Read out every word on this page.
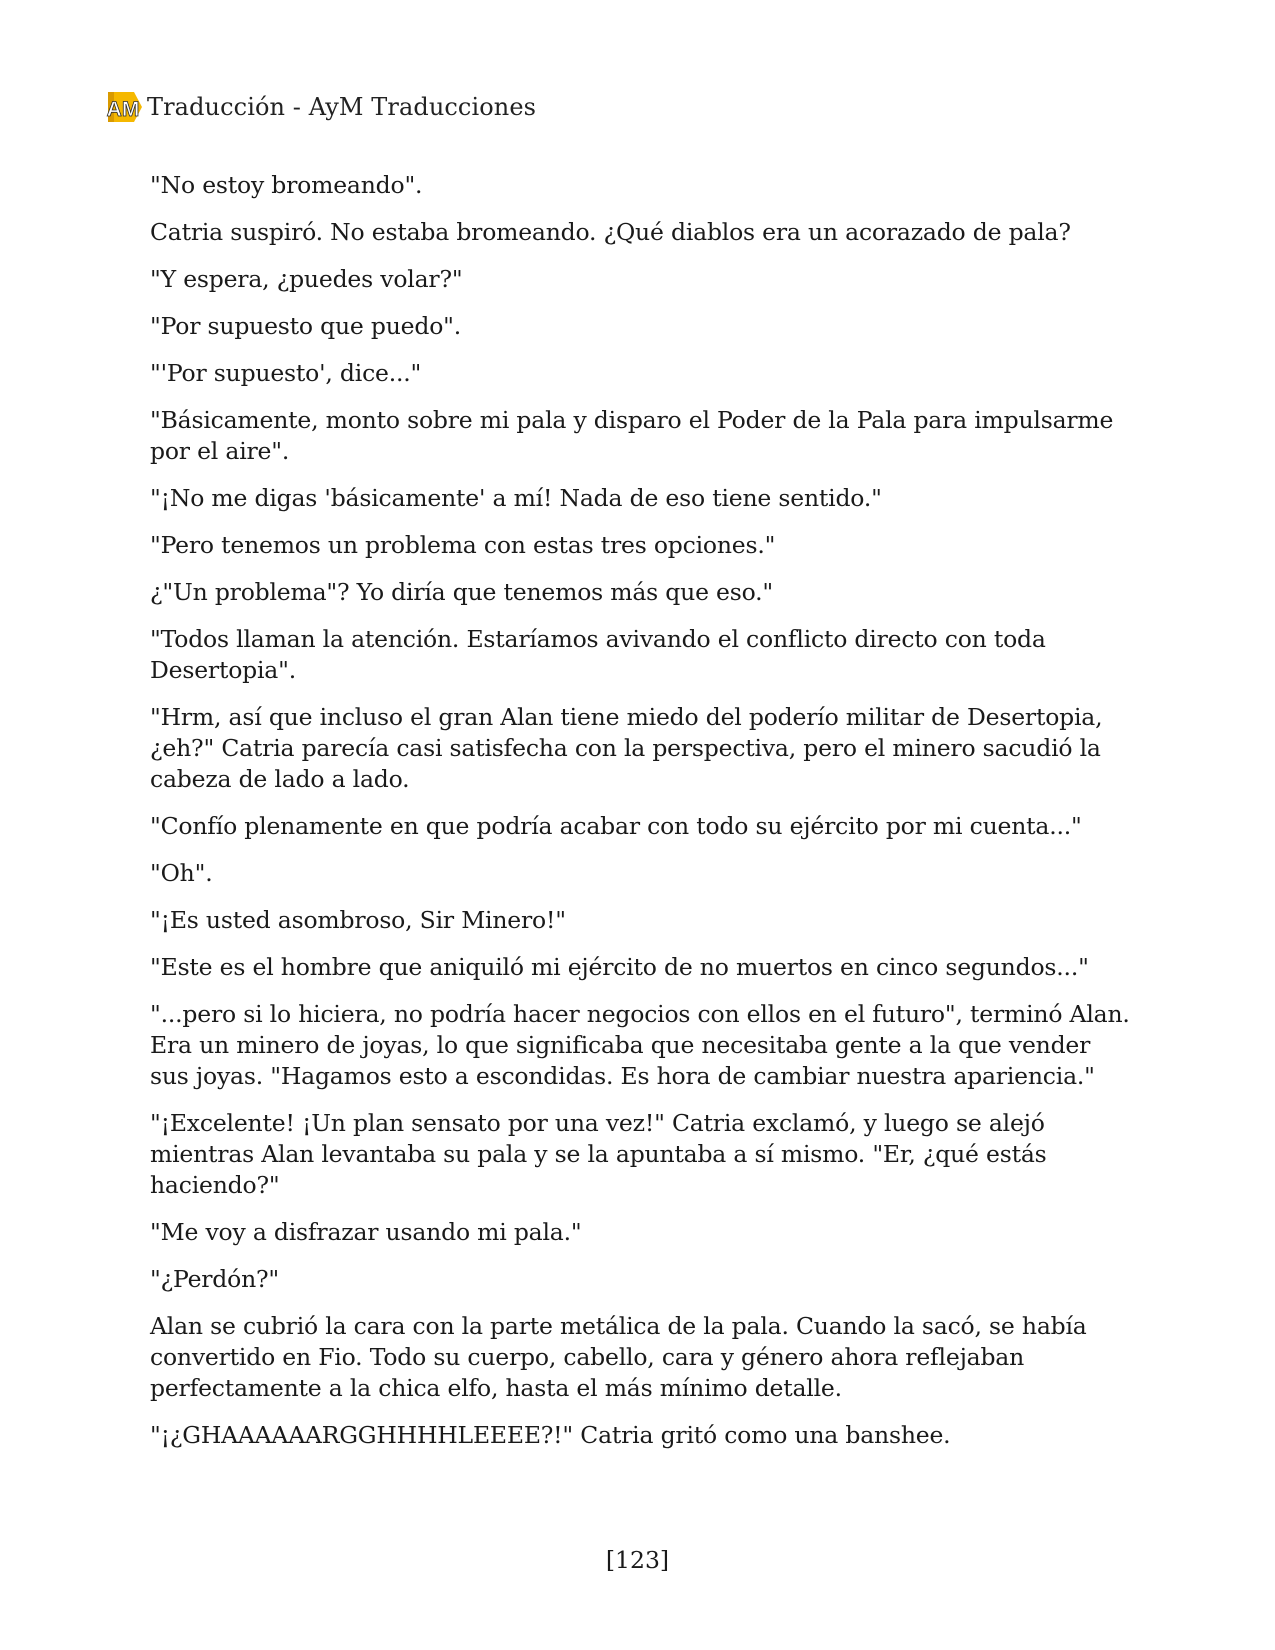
AM Traducción - AyM Traducciones

"No estoy bromeando".

Catria suspiró. No estaba bromeando. ¿Qué diablos era un acorazado de pala?

"Y espera, ¿puedes volar?"

"Por supuesto que puedo".

"'Por supuesto', dice..."

"Básicamente, monto sobre mi pala y disparo el Poder de la Pala para impulsarme por el aire".

"¡No me digas 'básicamente' a mí! Nada de eso tiene sentido."

"Pero tenemos un problema con estas tres opciones."

¿"Un problema"? Yo diría que tenemos más que eso."

"Todos llaman la atención. Estaríamos avivando el conflicto directo con toda Desertopia".

"Hrm, así que incluso el gran Alan tiene miedo del poderío militar de Desertopia, ¿eh?" Catria parecía casi satisfecha con la perspectiva, pero el minero sacudió la cabeza de lado a lado.

"Confío plenamente en que podría acabar con todo su ejército por mi cuenta..."

"Oh".

"¡Es usted asombroso, Sir Minero!"

"Este es el hombre que aniquiló mi ejército de no muertos en cinco segundos..."

"...pero si lo hiciera, no podría hacer negocios con ellos en el futuro", terminó Alan. Era un minero de joyas, lo que significaba que necesitaba gente a la que vender sus joyas. "Hagamos esto a escondidas. Es hora de cambiar nuestra apariencia."

"¡Excelente! ¡Un plan sensato por una vez!" Catria exclamó, y luego se alejó mientras Alan levantaba su pala y se la apuntaba a sí mismo. "Er, ¿qué estás haciendo?"

"Me voy a disfrazar usando mi pala."

"¿Perdón?"

Alan se cubrió la cara con la parte metálica de la pala. Cuando la sacó, se había convertido en Fio. Todo su cuerpo, cabello, cara y género ahora reflejaban perfectamente a la chica elfo, hasta el más mínimo detalle.

"¡¿GHAAAAAARGGHHHHLEEEE?!" Catria gritó como una banshee.

[123]
